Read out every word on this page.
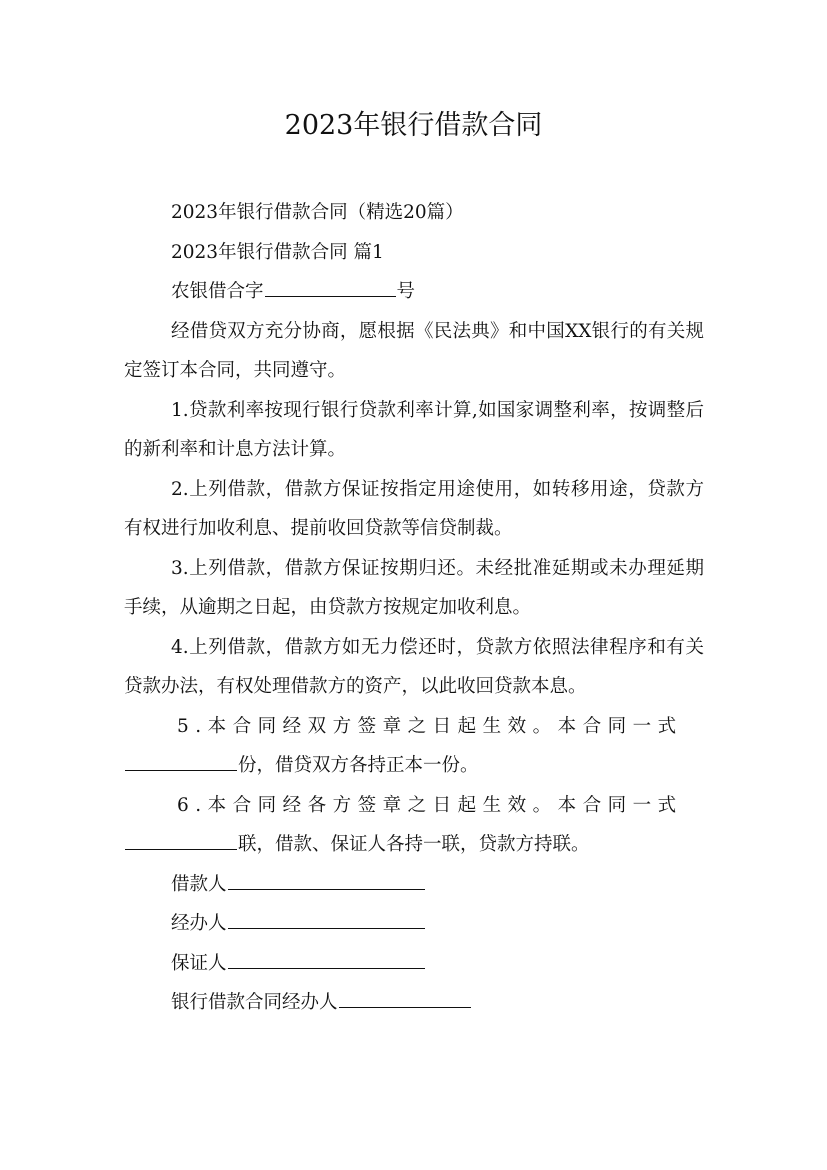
2023年银行借款合同

2023年银行借款合同（精选20篇）

2023年银行借款合同 篇1

农银借合字	号

经借贷双方充分协商，愿根据《民法典》和中国XX银行的有关规定签订本合同，共同遵守。

1.贷款利率按现行银行贷款利率计算,如国家调整利率，按调整后的新利率和计息方法计算。

2.上列借款，借款方保证按指定用途使用，如转移用途，贷款方有权进行加收利息、提前收回贷款等信贷制裁。

3.上列借款，借款方保证按期归还。未经批准延期或未办理延期手续，从逾期之日起，由贷款方按规定加收利息。

4.上列借款，借款方如无力偿还时，贷款方依照法律程序和有关贷款办法，有权处理借款方的资产，以此收回贷款本息。

5.本合同经双方签章之日起生效。本合同一式

份，借贷双方各持正本一份。

6.本合同经各方签章之日起生效。本合同一式

联，借款、保证人各持一联，贷款方持联。

借款人

经办人

保证人

银行借款合同经办人
